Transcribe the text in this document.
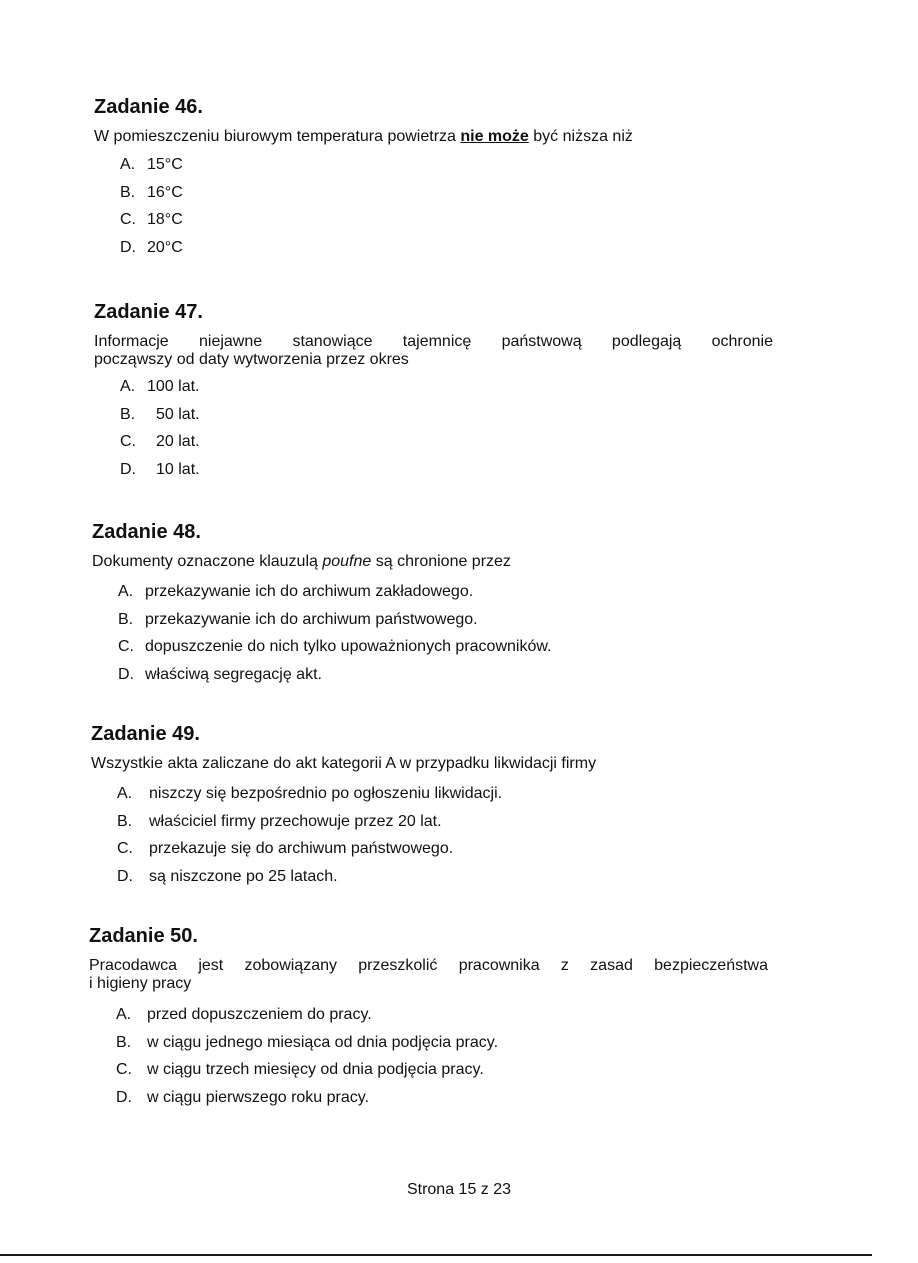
Zadanie 46.

W pomieszczeniu biurowym temperatura powietrza nie może być niższa niż

A. 15°C
B. 16°C
C. 18°C
D. 20°C
Zadanie 47.

Informacje niejawne stanowiące tajemnicę państwową podlegają ochronie
począwszy od daty wytworzenia przez okres

A. 100 lat.
B.	50 lat.
C.	20 lat.
D.	10 lat.
Zadanie 48.

Dokumenty oznaczone klauzulą poufne są chronione przez

A. przekazywanie ich do archiwum zakładowego.
B. przekazywanie ich do archiwum państwowego.
C. dopuszczenie do nich tylko upoważnionych pracowników.
D. właściwą segregację akt.
Zadanie 49.

Wszystkie akta zaliczane do akt kategorii A w przypadku likwidacji firmy

A.	niszczy się bezpośrednio po ogłoszeniu likwidacji.
B.	właściciel firmy przechowuje przez 20 lat.
C.	przekazuje się do archiwum państwowego.
D.	są niszczone po 25 latach.
Zadanie 50.

Pracodawca jest zobowiązany przeszkolić pracownika z zasad bezpieczeństwa
i higieny pracy

A. przed dopuszczeniem do pracy.
B. w ciągu jednego miesiąca od dnia podjęcia pracy.
C. w ciągu trzech miesięcy od dnia podjęcia pracy.
D. w ciągu pierwszego roku pracy.
Strona 15 z 23
